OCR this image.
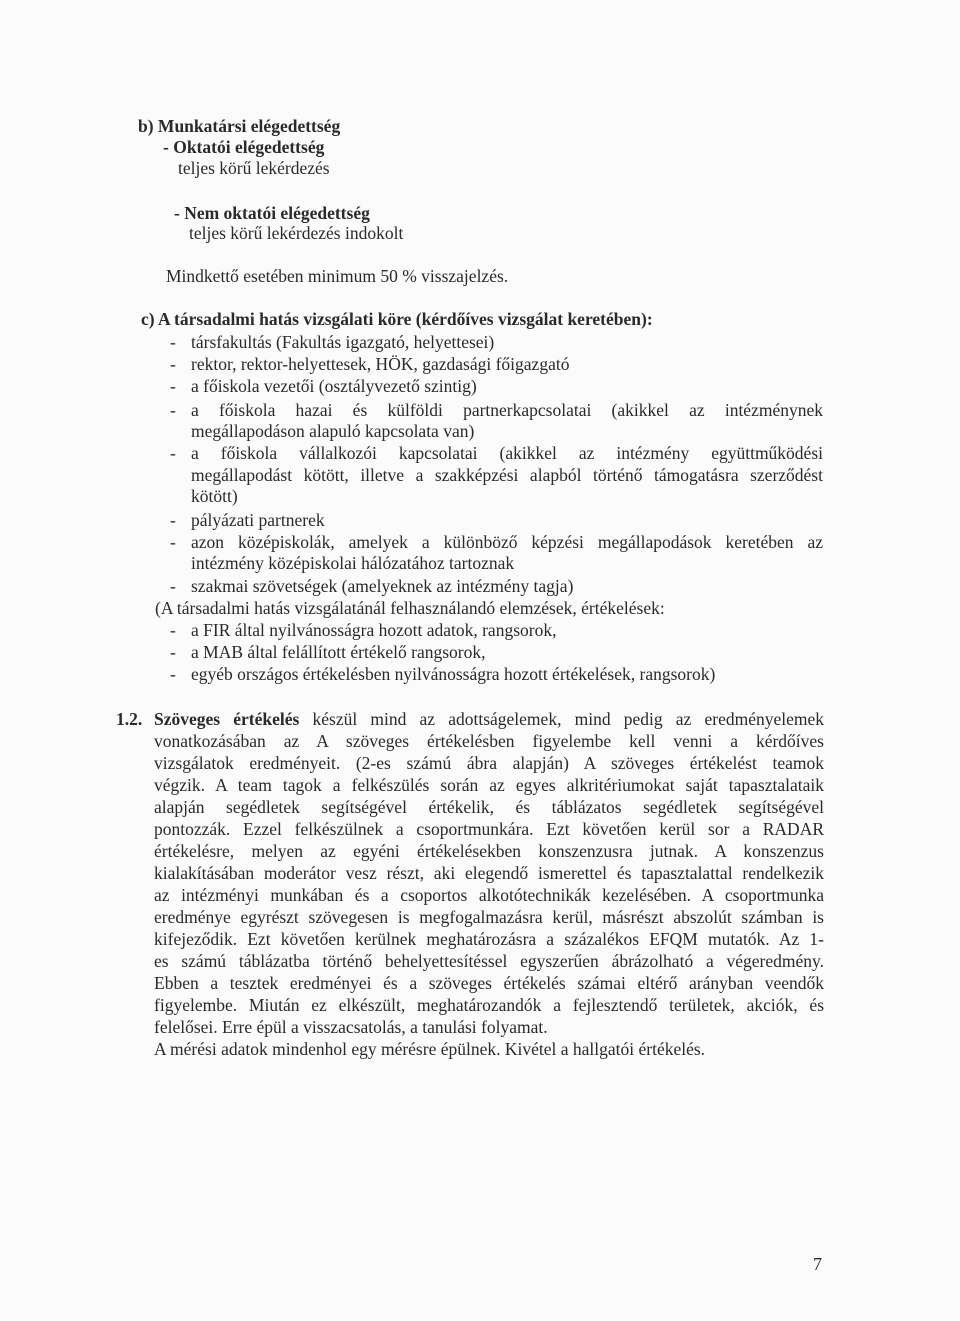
b) Munkatársi elégedettség
- Oktatói elégedettség
teljes körű lekérdezés
- Nem oktatói elégedettség
teljes körű lekérdezés indokolt
Mindkettő esetében minimum 50 % visszajelzés.
c) A társadalmi hatás vizsgálati köre (kérdőíves vizsgálat keretében):
- társfakultás (Fakultás igazgató, helyettesei)
- rektor, rektor-helyettesek, HÖK, gazdasági főigazgató
- a főiskola vezetői (osztályvezető szintig)
- a főiskola hazai és külföldi partnerkapcsolatai (akikkel az intézménynek
megállapodáson alapuló kapcsolata van)
- a főiskola vállalkozói kapcsolatai (akikkel az intézmény együttműködési
megállapodást kötött, illetve a szakképzési alapból történő támogatásra szerződést
kötött)
- pályázati partnerek
- azon középiskolák, amelyek a különböző képzési megállapodások keretében az
intézmény középiskolai hálózatához tartoznak
- szakmai szövetségek (amelyeknek az intézmény tagja)
(A társadalmi hatás vizsgálatánál felhasználandó elemzések, értékelések:
- a FIR által nyilvánosságra hozott adatok, rangsorok,
- a MAB által felállított értékelő rangsorok,
- egyéb országos értékelésben nyilvánosságra hozott értékelések, rangsorok)
1.2. Szöveges értékelés készül mind az adottságelemek, mind pedig az eredményelemek
vonatkozásában az A szöveges értékelésben figyelembe kell venni a kérdőíves
vizsgálatok eredményeit. (2-es számú ábra alapján) A szöveges értékelést teamok
végzik. A team tagok a felkészülés során az egyes alkritériumokat saját tapasztalataik
alapján segédletek segítségével értékelik, és táblázatos segédletek segítségével
pontozzák. Ezzel felkészülnek a csoportmunkára. Ezt követően kerül sor a RADAR
értékelésre, melyen az egyéni értékelésekben konszenzusra jutnak. A konszenzus
kialakításában moderátor vesz részt, aki elegendő ismerettel és tapasztalattal rendelkezik
az intézményi munkában és a csoportos alkotótechnikák kezelésében. A csoportmunka
eredménye egyrészt szövegesen is megfogalmazásra kerül, másrészt abszolút számban is
kifejeződik. Ezt követően kerülnek meghatározásra a százalékos EFQM mutatók. Az 1-
es számú táblázatba történő behelyettesítéssel egyszerűen ábrázolható a végeredmény.
Ebben a tesztek eredményei és a szöveges értékelés számai eltérő arányban veendők
figyelembe. Miután ez elkészült, meghatározandók a fejlesztendő területek, akciók, és
felelősei. Erre épül a visszacsatolás, a tanulási folyamat.
A mérési adatok mindenhol egy mérésre épülnek. Kivétel a hallgatói értékelés.
7
